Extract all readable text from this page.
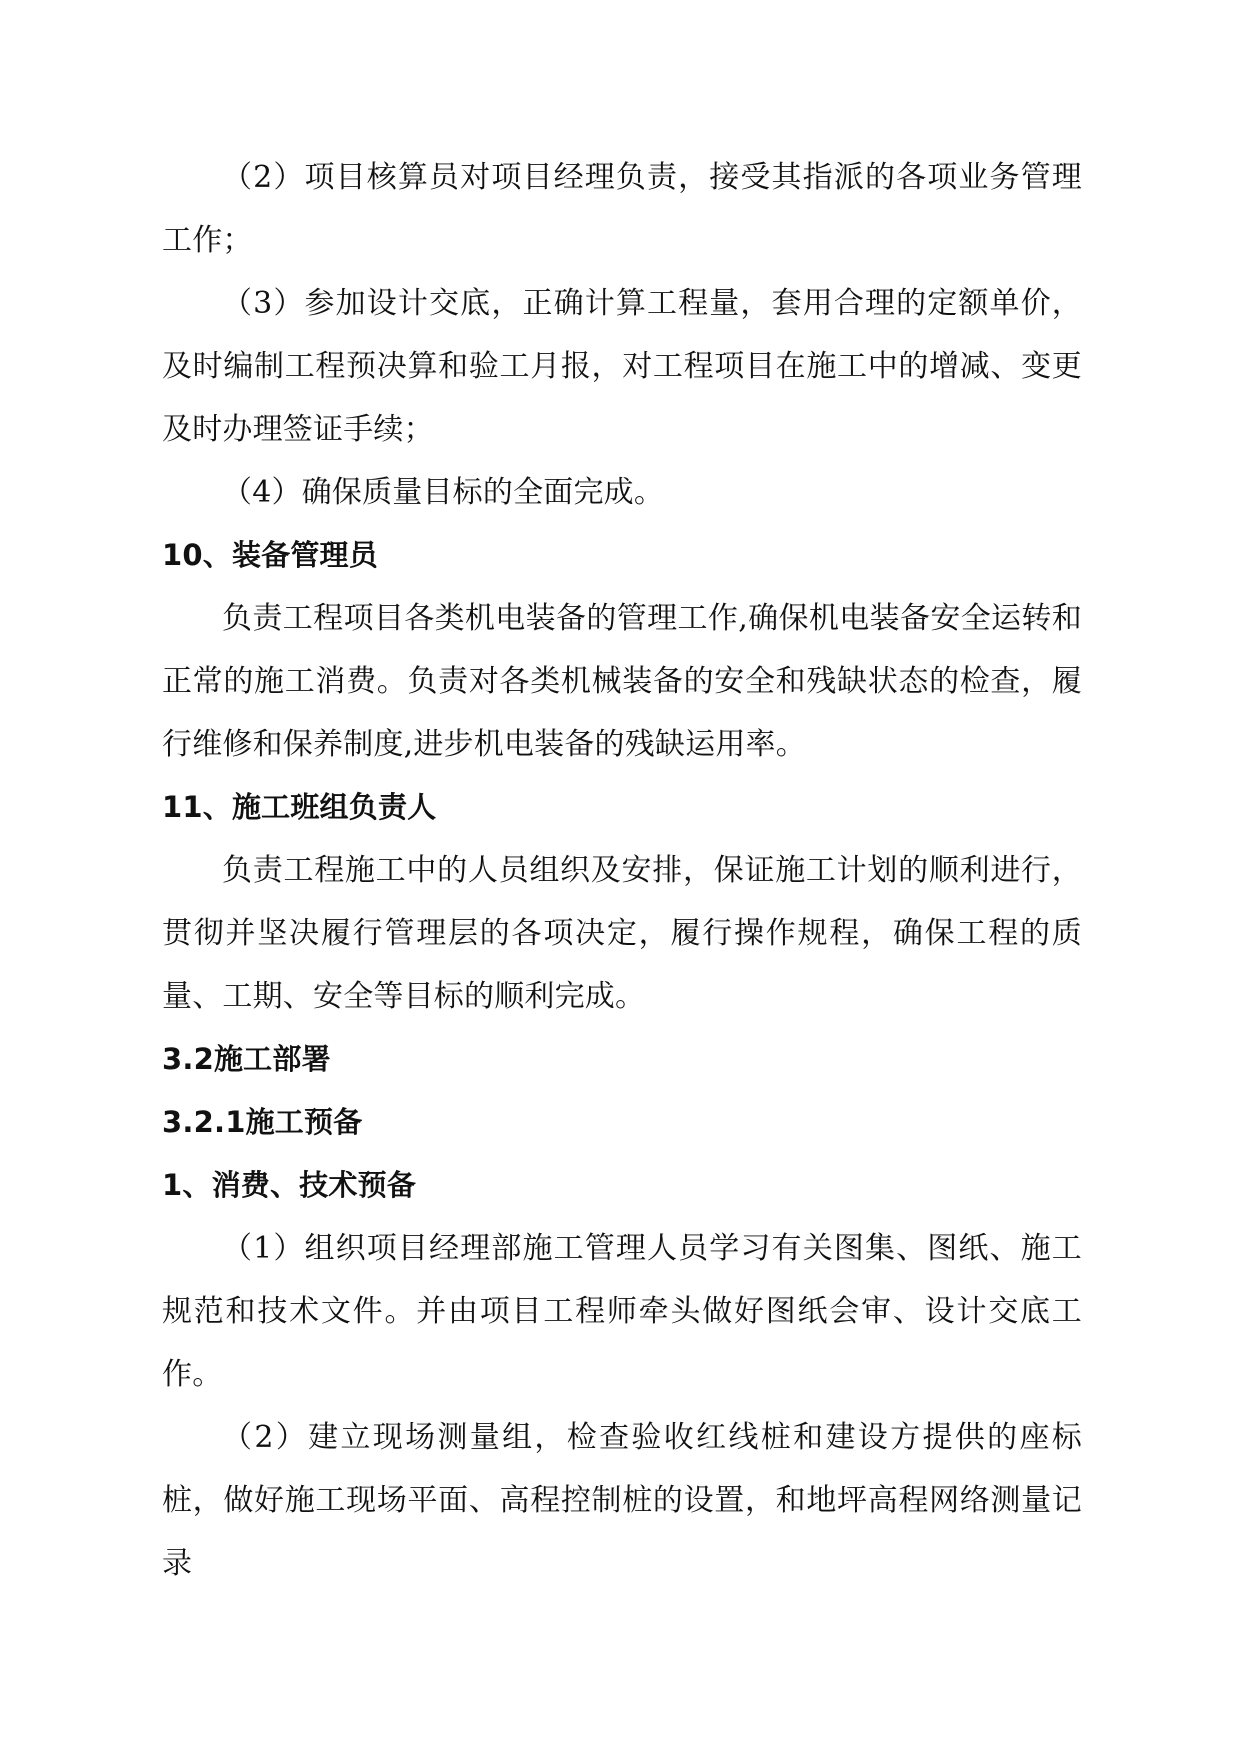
（2）项目核算员对项目经理负责，接受其指派的各项业务管理工作；

（3）参加设计交底，正确计算工程量，套用合理的定额单价，及时编制工程预决算和验工月报，对工程项目在施工中的增减、变更及时办理签证手续；

（4）确保质量目标的全面完成。

10、装备管理员

负责工程项目各类机电装备的管理工作,确保机电装备安全运转和正常的施工消费。负责对各类机械装备的安全和残缺状态的检查，履行维修和保养制度,进步机电装备的残缺运用率。

11、施工班组负责人

负责工程施工中的人员组织及安排，保证施工计划的顺利进行，贯彻并坚决履行管理层的各项决定，履行操作规程，确保工程的质量、工期、安全等目标的顺利完成。

3.2施工部署

3.2.1施工预备

1、消费、技术预备

（1）组织项目经理部施工管理人员学习有关图集、图纸、施工规范和技术文件。并由项目工程师牵头做好图纸会审、设计交底工作。

（2）建立现场测量组，检查验收红线桩和建设方提供的座标桩，做好施工现场平面、高程控制桩的设置，和地坪高程网络测量记录
